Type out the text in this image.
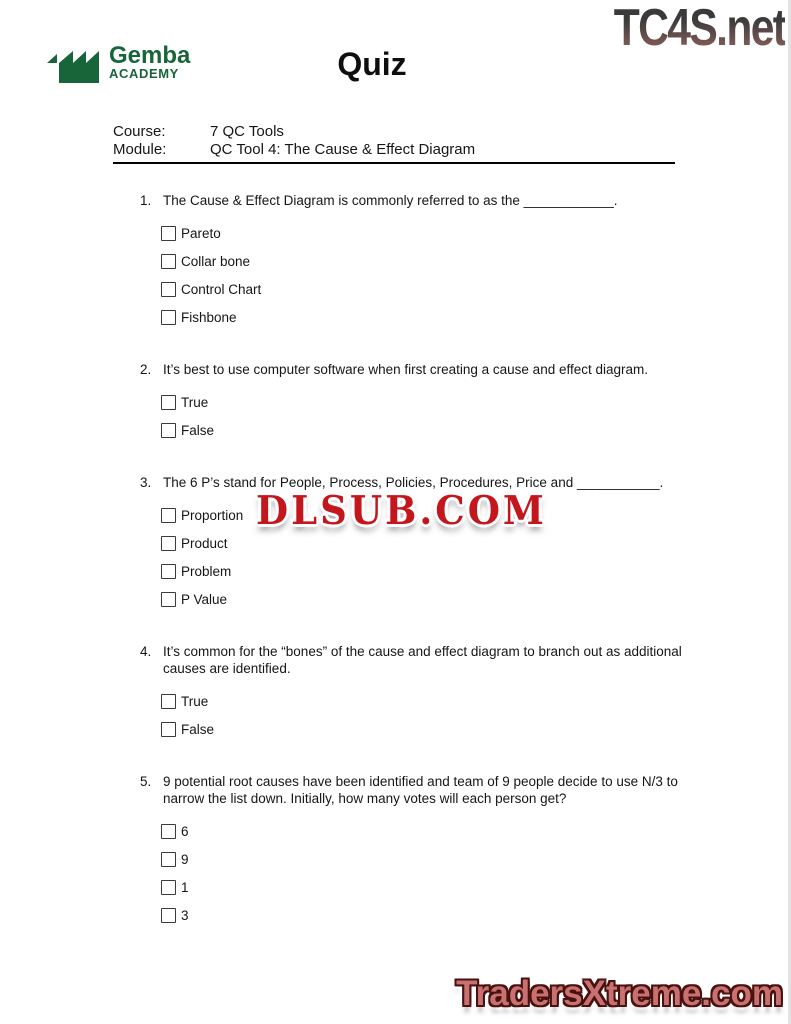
TC4S.net
Gemba
ACADEMY	Quiz
Course:	7 QC Tools
Module:	QC Tool 4: The Cause & Effect Diagram
1. The Cause & Effect Diagram is commonly referred to as the ____________.
Pareto
Collar bone
Control Chart
Fishbone
2. It’s best to use computer software when first creating a cause and effect diagram.
True
False
3. The 6 P’s stand for People, Process, Policies, Procedures, Price and ___________.
Proportion
Product
Problem
P Value
4. It’s common for the “bones” of the cause and effect diagram to branch out as additional causes are identified.
True
False
5. 9 potential root causes have been identified and team of 9 people decide to use N/3 to narrow the list down. Initially, how many votes will each person get?
6
9
1
3
DLSUB.COM
TradersXtreme.com
